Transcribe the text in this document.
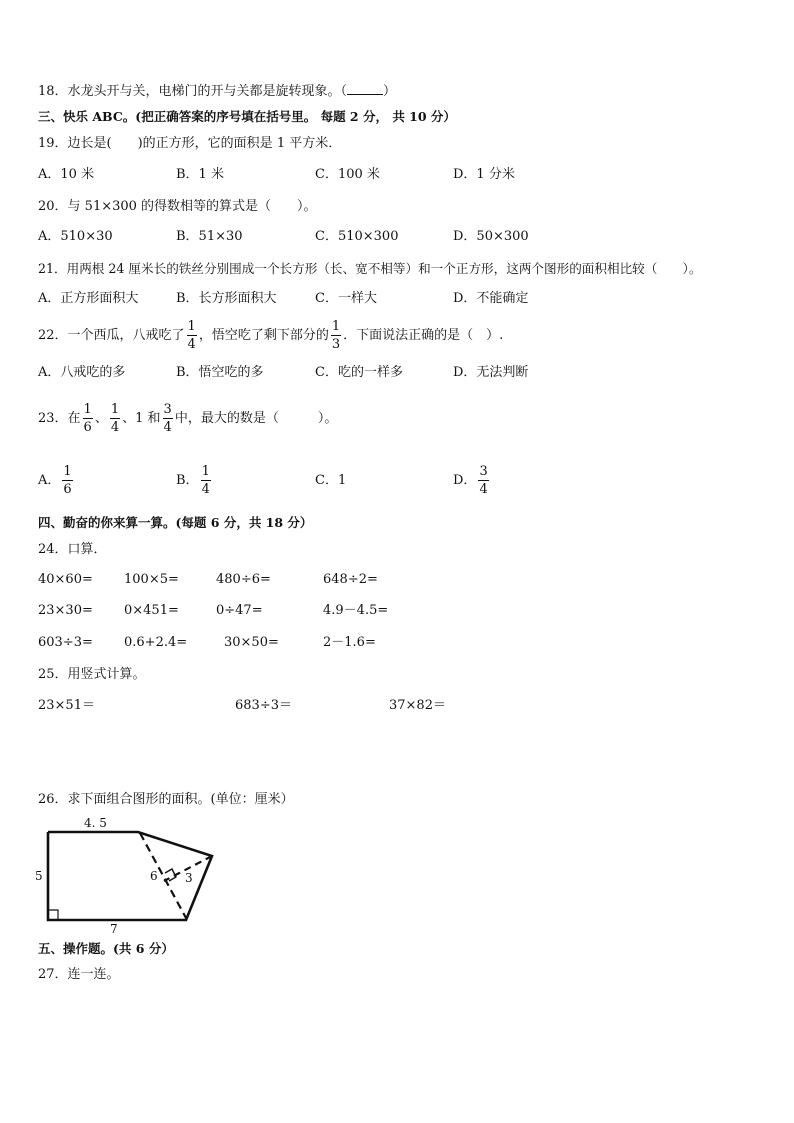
18．水龙头开与关，电梯门的开与关都是旋转现象。（	）
三、快乐 ABC。(把正确答案的序号填在括号里。 每题 2 分， 共 10 分）
19．边长是(　　)的正方形，它的面积是 1 平方米．
A．10 米	B．1 米	C．100 米	D．1 分米
20．与 51×300 的得数相等的算式是（　　）。
A．510×30	B．51×30	C．510×300	D．50×300
21．用两根 24 厘米长的铁丝分别围成一个长方形（长、宽不相等）和一个正方形，这两个图形的面积相比较（　　）。
A．正方形面积大	B．长方形面积大	C．一样大	D．不能确定
22．一个西瓜，八戒吃了 $\frac{1}{4}$ ，悟空吃了剩下部分的 $\frac{1}{3}$ ．下面说法正确的是（　）.
A．八戒吃的多	B．悟空吃的多	C．吃的一样多	D．无法判断
23．在 $\frac{1}{6}$ 、 $\frac{1}{4}$ 、1 和 $\frac{3}{4}$ 中，最大的数是（　　　）。
A． $\frac{1}{6}$	B． $\frac{1}{4}$	C．1	D． $\frac{3}{4}$
四、勤奋的你来算一算。(每题 6 分，共 18 分）
24．口算．
40×60= 100×5=	480÷6=	648÷2=
23×30= 0×451=	0÷47=	4.9－4.5=
603÷3= 0.6+2.4=	30×50=	2－1.6=
25．用竖式计算。
23×51＝	683÷3＝	37×82＝
26．求下面组合图形的面积。(单位：厘米）
4. 5
5
7
6 3
五、操作题。(共 6 分）
27．连一连。
